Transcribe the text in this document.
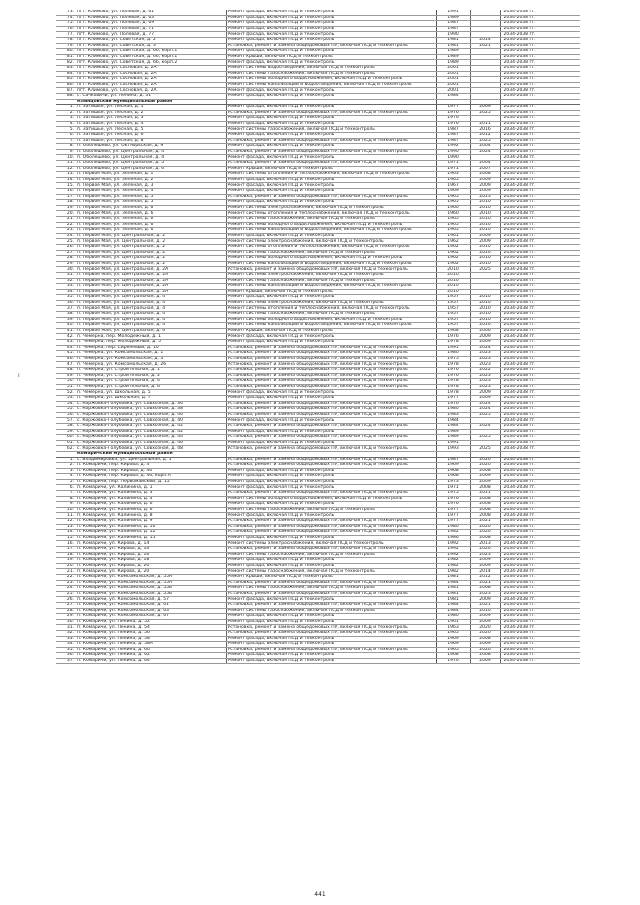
73.	пгт. Климово, ул. Полевая, д. 61	Ремонт фасада, включая ПСД и техконтроль	1991		2034-2038 гг.
74.	пгт. Климово, ул. Полевая, д. 63	Ремонт фасада, включая ПСД и техконтроль	1989		2034-2038 гг.
75.	пгт. Климово, ул. Полевая, д. 69	Ремонт фасада, включая ПСД и техконтроль	1987		2034-2038 гг.
76.	пгт. Климово, ул. Полевая, д. 71	Ремонт фасада, включая ПСД и техконтроль	1987		2034-2038 гг.
77.	пгт. Климово, ул. Полевая, д. 77	Ремонт фасада, включая ПСД и техконтроль	1990		2034-2038 гг.
78.	пгт. Климово, ул. Советская, д. 2	Ремонт фасада, включая ПСД и техконтроль	1981	2014	2034-2038 гг.
79.	пгт. Климово, ул. Советская, д. 3	Установка, ремонт и замена общедомовых ПУ, включая ПСД и техконтроль	1981	2021	2034-2038 гг.
80.	пгт. Климово, ул. Советская, д. 66, корп.1	Ремонт фасада, включая ПСД и техконтроль	1989		2034-2038 гг.
81.	пгт. Климово, ул. Советская, д. 66, корп.1	Ремонт крыши, включая ПСД и техконтроль	1989		2034-2038 гг.
82.	пгт. Климово, ул. Советская, д. 66, корп.2	Ремонт фасада, включая ПСД и техконтроль	1989		2034-2038 гг.
83.	пгт. Климово, ул. Сосновая, д. 2А	Ремонт системы водоотведения, включая ПСД и техконтроль	2001		2034-2038 гг.
84.	пгт. Климово, ул. Сосновая, д. 2А	Ремонт системы газоснабжения, включая ПСД и техконтроль	2001		2034-2038 гг.
85.	пгт. Климово, ул. Сосновая, д. 2А	Ремонт системы холодного водоснабжения, включая ПСД и техконтроль	2001		2034-2038 гг.
86.	пгт. Климово, ул. Сосновая, д. 2А	Ремонт системы канализации и водоотведения, включая ПСД и техконтроль	2001		2034-2038 гг.
87.	пгт. Климово, ул. Сосновая, д. 2А	Ремонт фасада, включая ПСД и техконтроль	2001		2034-2038 гг.
88.	с. Сачковичи, ул. Ленина, д. 31	Ремонт фасада, включая ПСД и техконтроль	1984		2034-2038 гг.
	Клинцовский муниципальный район				
1.	п. Затишье, ул. Лесная, д. 1	Ремонт фасада, включая ПСД и техконтроль	1977	2009	2034-2038 гг.
2.	п. Затишье, ул. Лесная, д. 2	Установка, ремонт и замена общедомовых ПУ, включая ПСД и техконтроль	1976	2025	2034-2038 гг.
3.	п. Затишье, ул. Лесная, д. 3	Ремонт фасада, включая ПСД и техконтроль	1976		2034-2038 гг.
4.	п. Затишье, ул. Лесная, д. 4	Ремонт фасада, включая ПСД и техконтроль	1976	2011	2034-2038 гг.
5.	п. Затишье, ул. Лесная, д. 5	Ремонт системы газоснабжения, включая ПСД и техконтроль	1987	2016	2034-2038 гг.
6.	п. Затишье, ул. Лесная, д. 6	Ремонт фасада, включая ПСД и техконтроль	1987	2012	2034-2038 гг.
7.	п. Затишье, ул. Лесная, д. 8	Установка, ремонт и замена общедомовых ПУ, включая ПСД и техконтроль	1987	2025	2034-2038 гг.
8.	п. Оболешево, ул. Октябрьская, д. 9	Ремонт фасада, включая ПСД и техконтроль	1992	2004	2034-2038 гг.
9.	п. Оболешево, ул. Центральная, д. 4	Установка, ремонт и замена общедомовых ПУ, включая ПСД и техконтроль	1990	2024	2034-2038 гг.
10.	п. Оболешево, ул. Центральная, д. 4	Ремонт фасада, включая ПСД и техконтроль	1990		2034-2038 гг.
11.	п. Оболешево, ул. Центральная, д. 5	Установка, ремонт и замена общедомовых ПУ, включая ПСД и техконтроль	1971	2004	2034-2038 гг.
12.	п. Оболешево, ул. Центральная, д. 6	Ремонт крыши, включая ПСД и техконтроль	1971	2007	2034-2038 гг.
13.	п. Первое Мая, ул. Зеленая, д. 1	Ремонт системы отопления и теплоснабжения, включая ПСД и техконтроль	1963	2008	2034-2038 гг.
14.	п. Первое Мая, ул. Зеленая, д. 2	Ремонт фасада, включая ПСД и техконтроль	1965	2009	2034-2038 гг.
15.	п. Первое Мая, ул. Зеленая, д. 3	Ремонт фасада, включая ПСД и техконтроль	1967	2009	2034-2038 гг.
16.	п. Первое Мая, ул. Зеленая, д. 4	Ремонт фасада, включая ПСД и техконтроль	1969	2009	2034-2038 гг.
17.	п. Первое Мая, ул. Зеленая, д. 5	Установка, ремонт и замена общедомовых ПУ, включая ПСД и техконтроль	1965	2013	2034-2038 гг.
18.	п. Первое Мая, ул. Зеленая, д. 5	Ремонт фасада, включая ПСД и техконтроль	1965	2010	2034-2038 гг.
19.	п. Первое Мая, ул. Зеленая, д. 6	Ремонт системы электроснабжения, включая ПСД и техконтроль	1960	2010	2034-2038 гг.
20.	п. Первое Мая, ул. Зеленая, д. 6	Ремонт системы отопления и теплоснабжения, включая ПСД и техконтроль	1960	2010	2034-2038 гг.
21.	п. Первое Мая, ул. Зеленая, д. 6	Ремонт системы газоснабжения, включая ПСД и техконтроль	1965	2010	2034-2038 гг.
22.	п. Первое Мая, ул. Зеленая, д. 6	Ремонт системы холодного водоснабжения, включая ПСД и техконтроль	1965	2010	2034-2038 гг.
23.	п. Первое Мая, ул. Зеленая, д. 6	Ремонт системы канализации и водоотведения, включая ПСД и техконтроль	1965	2010	2034-2038 гг.
24.	п. Первое Мая, ул. Центральная, д. 2	Ремонт фасада, включая ПСД и техконтроль	1961	2009	2034-2038 гг.
25.	п. Первое Мая, ул. Центральная, д. 2	Ремонт системы электроснабжения, включая ПСД и техконтроль	1962	2009	2034-2038 гг.
26.	п. Первое Мая, ул. Центральная, д. 2	Ремонт системы отопления и теплоснабжения, включая ПСД и техконтроль	1962	2010	2034-2038 гг.
27.	п. Первое Мая, ул. Центральная, д. 2	Ремонт системы газоснабжения, включая ПСД и техконтроль	1962	2010	2034-2038 гг.
28.	п. Первое Мая, ул. Центральная, д. 2	Ремонт системы холодного водоснабжения, включая ПСД и техконтроль	1962	2010	2034-2038 гг.
29.	п. Первое Мая, ул. Центральная, д. 2	Ремонт системы канализации и водоотведения, включая ПСД и техконтроль	1962	2010	2034-2038 гг.
30.	п. Первое Мая, ул. Центральная, д. 2А	Установка, ремонт и замена общедомовых ПУ, включая ПСД и техконтроль	2010	2025	2034-2038 гг.
31.	п. Первое Мая, ул. Центральная, д. 2А	Ремонт системы электроснабжения, включая ПСД и техконтроль	2010		2034-2038 гг.
32.	п. Первое Мая, ул. Центральная, д. 2А	Ремонт системы газоснабжения, включая ПСД и техконтроль	2010		2034-2038 гг.
33.	п. Первое Мая, ул. Центральная, д. 2А	Ремонт системы канализации и водоотведения, включая ПСД и техконтроль	2010		2034-2038 гг.
34.	п. Первое Мая, ул. Центральная, д. 2А	Ремонт крыши, включая ПСД и техконтроль	2010		2034-2038 гг.
35.	п. Первое Мая, ул. Центральная, д. 4	Ремонт фасада, включая ПСД и техконтроль	1957	2010	2034-2038 гг.
36.	п. Первое Мая, ул. Центральная, д. 4	Ремонт системы электроснабжения, включая ПСД и техконтроль	1957	2010	2034-2038 гг.
37.	п. Первое Мая, ул. Центральная, д. 4	Ремонт системы отопления и теплоснабжения, включая ПСД и техконтроль	1957	2010	2034-2038 гг.
38.	п. Первое Мая, ул. Центральная, д. 4	Ремонт системы газоснабжения, включая ПСД и техконтроль	1957	2010	2034-2038 гг.
39.	п. Первое Мая, ул. Центральная, д. 4	Ремонт системы холодного водоснабжения, включая ПСД и техконтроль	1957	2010	2034-2038 гг.
40.	п. Первое Мая, ул. Центральная, д. 4	Ремонт системы канализации и водоотведения, включая ПСД и техконтроль	1957	2010	2034-2038 гг.
41.	п. Первое Мая, ул. Центральная, д. 6	Ремонт крыши, включая ПСД и техконтроль	1968	2006	2034-2038 гг.
42.	п. Чемерна, пер. Молодежный, д. 1	Ремонт фасада, включая ПСД и техконтроль	1976	2009	2034-2038 гг.
43.	п. Чемерна, пер. Молодежный, д. 5	Ремонт фасада, включая ПСД и техконтроль	1978	2009	2034-2038 гг.
44.	п. Чемерна, пер. Сиреневый, д. 10	Установка, ремонт и замена общедомовых ПУ, включая ПСД и техконтроль	1991	2024	2034-2038 гг.
45.	п. Чемерна, ул. Комсомольская, д. 1	Установка, ремонт и замена общедомовых ПУ, включая ПСД и техконтроль	1980	2023	2034-2038 гг.
46.	п. Чемерна, ул. Комсомольская, д. 3	Установка, ремонт и замена общедомовых ПУ, включая ПСД и техконтроль	1975	2023	2034-2038 гг.
47.	п. Чемерна, ул. Комсомольская, д. 26	Установка, ремонт и замена общедомовых ПУ, включая ПСД и техконтроль	1978	2023	2034-2038 гг.
48.	п. Чемерна, ул. Строительная, д. 1	Установка, ремонт и замена общедомовых ПУ, включая ПСД и техконтроль	1976	2022	2034-2038 гг.
49.	п. Чемерна, ул. Строительная, д. 2	Установка, ремонт и замена общедомовых ПУ, включая ПСД и техконтроль	1976	2023	2034-2038 гг.
50.	п. Чемерна, ул. Строительная, д. 4	Установка, ремонт и замена общедомовых ПУ, включая ПСД и техконтроль	1978	2023	2034-2038 гг.
51.	п. Чемерна, ул. Строительная, д. 6	Установка, ремонт и замена общедомовых ПУ, включая ПСД и техконтроль	1978	2023	2034-2038 гг.
52.	п. Чемерна, ул. Школьная, д. 5	Ремонт фасада, включая ПСД и техконтроль	1978	2009	2034-2038 гг.
53.	п. Чемерна, ул. Школьная, д. 7	Ремонт фасада, включая ПСД и техконтроль	1977	2009	2034-2038 гг.
54.	с. Коржовка-Голубовка, ул. Совхозная, д. 36	Установка, ремонт и замена общедомовых ПУ, включая ПСД и техконтроль	1976	2024	2034-2038 гг.
55.	с. Коржовка-Голубовка, ул. Совхозная, д. 38	Установка, ремонт и замена общедомовых ПУ, включая ПСД и техконтроль	1980	2024	2034-2038 гг.
56.	с. Коржовка-Голубовка, ул. Совхозная, д. 40	Установка, ремонт и замена общедомовых ПУ, включая ПСД и техконтроль	1983	2025	2034-2038 гг.
57.	с. Коржовка-Голубовка, ул. Совхозная, д. 40	Ремонт фасада, включая ПСД и техконтроль	1984		2034-2038 гг.
58.	с. Коржовка-Голубовка, ул. Совхозная, д. 42	Установка, ремонт и замена общедомовых ПУ, включая ПСД и техконтроль	1984	2024	2034-2038 гг.
59.	с. Коржовка-Голубовка, ул. Совхозная, д. 42	Ремонт фасада, включая ПСД и техконтроль	1989		2034-2038 гг.
60.	с. Коржовка-Голубовка, ул. Совхозная, д. 44	Установка, ремонт и замена общедомовых ПУ, включая ПСД и техконтроль	1989	2025	2034-2038 гг.
61.	с. Коржовка-Голубовка, ул. Совхозная, д. 46	Ремонт фасада, включая ПСД и техконтроль	1991		2034-2038 гг.
62.	с. Коржовка-Голубовка, ул. Совхозная, д. 48	Установка, ремонт и замена общедомовых ПУ, включая ПСД и техконтроль	1993	2025	2034-2038 гг.
	Комаричский муниципальный район				
1.	с. Владимировка, ул. Центральная, д. 5	Установка, ремонт и замена общедомовых ПУ, включая ПСД и техконтроль	1987	2020	2034-2038 гг.
2.	п. Комаричи, пер. Кирова, д. 4	Установка, ремонт и замена общедомовых ПУ, включая ПСД и техконтроль	1969	2020	2034-2038 гг.
3.	п. Комаричи, пер. Кирова, д. 4б	Ремонт фасада, включая ПСД и техконтроль	1968	2008	2034-2038 гг.
4.	п. Комаричи, пер. Кирова, д. 4б, корп.А	Ремонт фасада, включая ПСД и техконтроль	1968	2009	2034-2038 гг.
5.	п. Комаричи, пер. Первомайский, д. 15	Ремонт фасада, включая ПСД и техконтроль	1973	2009	2034-2038 гг.
6.	п. Комаричи, ул. Калинина, д. 1	Ремонт фасада, включая ПСД и техконтроль	1971	2008	2034-2038 гг.
7.	п. Комаричи, ул. Калинина, д. 3	Установка, ремонт и замена общедомовых ПУ, включая ПСД и техконтроль	1975	2011	2034-2038 гг.
8.	п. Комаричи, ул. Калинина, д. 4	Ремонт системы холодного водоснабжения, включая ПСД и техконтроль	1976	2008	2034-2038 гг.
9.	п. Комаричи, ул. Калинина, д. 6	Ремонт фасада, включая ПСД и техконтроль	1976	2008	2034-2038 гг.
10.	п. Комаричи, ул. Калинина, д. 6	Ремонт системы газоснабжения, включая ПСД и техконтроль	1977	2008	2034-2038 гг.
11.	п. Комаричи, ул. Калинина, д. 8	Ремонт фасада, включая ПСД и техконтроль	1977	2008	2034-2038 гг.
12.	п. Комаричи, ул. Калинина, д. 9	Установка, ремонт и замена общедомовых ПУ, включая ПСД и техконтроль	1977	2021	2034-2038 гг.
13.	п. Комаричи, ул. Калинина, д. 10	Установка, ремонт и замена общедомовых ПУ, включая ПСД и техконтроль	1980	2020	2034-2038 гг.
14.	п. Комаричи, ул. Калинина, д. 12	Установка, ремонт и замена общедомовых ПУ, включая ПСД и техконтроль	1982	2020	2034-2038 гг.
15.	п. Комаричи, ул. Калинина, д. 15	Ремонт фасада, включая ПСД и техконтроль	1986	2008	2034-2038 гг.
16.	п. Комаричи, ул. Кирова, д. 14	Ремонт системы электроснабжения, включая ПСД и техконтроль	1992	2013	2034-2038 гг.
17.	п. Комаричи, ул. Кирова, д. 16	Установка, ремонт и замена общедомовых ПУ, включая ПСД и техконтроль	1992	2020	2034-2038 гг.
18.	п. Комаричи, ул. Кирова, д. 16	Ремонт системы газоснабжения, включая ПСД и техконтроль	1992	2023	2034-2038 гг.
19.	п. Комаричи, ул. Кирова, д. 18	Ремонт фасада, включая ПСД и техконтроль	1982	2009	2034-2038 гг.
20.	п. Комаричи, ул. Кирова, д. 20	Ремонт фасада, включая ПСД и техконтроль	1982	2009	2034-2038 гг.
21.	п. Комаричи, ул. Кирова, д. 20	Ремонт системы газоснабжения, включая ПСД и техконтроль	1982	2014	2034-2038 гг.
22.	п. Комаричи, ул. Комсомольская, д. 55А	Ремонт крыши, включая ПСД и техконтроль	1981	2012	2034-2038 гг.
23.	п. Комаричи, ул. Комсомольская, д. 55А	Установка, ремонт и замена общедомовых ПУ, включая ПСД и техконтроль	1984	2021	2034-2038 гг.
24.	п. Комаричи, ул. Комсомольская, д. 55Б	Ремонт системы газоснабжения, включая ПСД и техконтроль	1981	2008	2034-2038 гг.
25.	п. Комаричи, ул. Комсомольская, д. 55Б	Установка, ремонт и замена общедомовых ПУ, включая ПСД и техконтроль	1981	2023	2034-2038 гг.
26.	п. Комаричи, ул. Комсомольская, д. 57	Ремонт фасада, включая ПСД и техконтроль	1981	2009	2034-2038 гг.
27.	п. Комаричи, ул. Комсомольская, д. 61	Установка, ремонт и замена общедомовых ПУ, включая ПСД и техконтроль	1984	2021	2034-2038 гг.
28.	п. Комаричи, ул. Комсомольская, д. 63	Ремонт системы газоснабжения, включая ПСД и техконтроль	1984	2010	2034-2038 гг.
29.	п. Комаричи, ул. Комсомольская, д. 67	Ремонт фасада, включая ПСД и техконтроль	1980	2009	2034-2038 гг.
30.	п. Комаричи, ул. Ленина, д. 52	Ремонт фасада, включая ПСД и техконтроль	1961	2009	2034-2038 гг.
31.	п. Комаричи, ул. Ленина, д. 54	Установка, ремонт и замена общедомовых ПУ, включая ПСД и техконтроль	1963	2020	2034-2038 гг.
32.	п. Комаричи, ул. Ленина, д. 56	Установка, ремонт и замена общедомовых ПУ, включая ПСД и техконтроль	1965	2020	2034-2038 гг.
33.	п. Комаричи, ул. Ленина, д. 58	Ремонт фасада, включая ПСД и техконтроль	1969	2008	2034-2038 гг.
34.	п. Комаричи, ул. Ленина, д. 58А	Ремонт фасада, включая ПСД и техконтроль	1969	2009	2034-2038 гг.
35.	п. Комаричи, ул. Ленина, д. 60	Установка, ремонт и замена общедомовых ПУ, включая ПСД и техконтроль	1965	2020	2034-2038 гг.
36.	п. Комаричи, ул. Ленина, д. 62	Ремонт фасада, включая ПСД и техконтроль	1968	2008	2034-2038 гг.
37.	п. Комаричи, ул. Ленина, д. 64	Ремонт фасада, включая ПСД и техконтроль	1970	2009	2034-2038 гг.
ı
441
